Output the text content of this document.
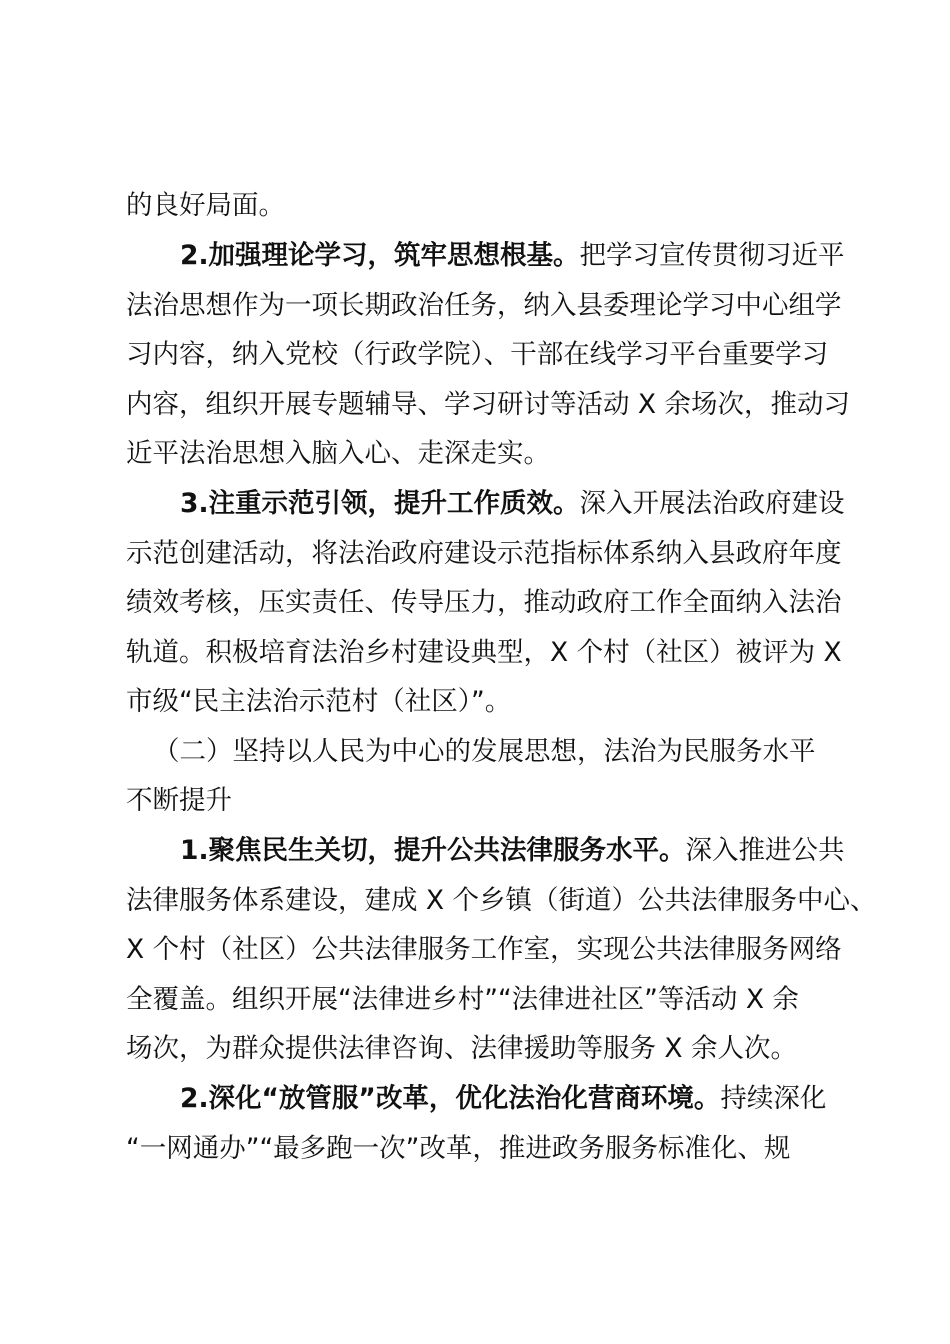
的良好局面。
2.加强理论学习，筑牢思想根基。把学习宣传贯彻习近平
法治思想作为一项长期政治任务，纳入县委理论学习中心组学
习内容，纳入党校（行政学院）、干部在线学习平台重要学习
内容，组织开展专题辅导、学习研讨等活动 X 余场次，推动习
近平法治思想入脑入心、走深走实。
3.注重示范引领，提升工作质效。深入开展法治政府建设
示范创建活动，将法治政府建设示范指标体系纳入县政府年度
绩效考核，压实责任、传导压力，推动政府工作全面纳入法治
轨道。积极培育法治乡村建设典型，X 个村（社区）被评为 X
市级“民主法治示范村（社区）”。
（二）坚持以人民为中心的发展思想，法治为民服务水平
不断提升
1.聚焦民生关切，提升公共法律服务水平。深入推进公共
法律服务体系建设，建成 X 个乡镇（街道）公共法律服务中心、
X 个村（社区）公共法律服务工作室，实现公共法律服务网络
全覆盖。组织开展“法律进乡村”“法律进社区”等活动 X 余
场次，为群众提供法律咨询、法律援助等服务 X 余人次。
2.深化“放管服”改革，优化法治化营商环境。持续深化
“一网通办”“最多跑一次”改革，推进政务服务标准化、规
